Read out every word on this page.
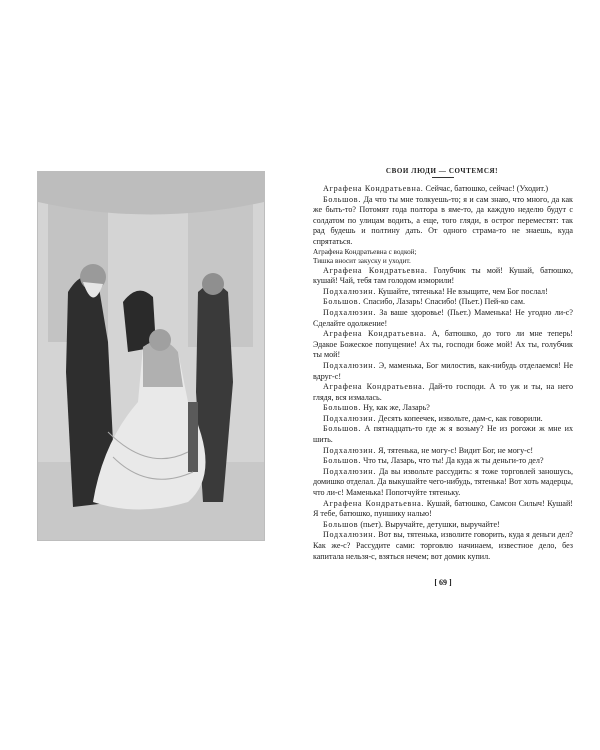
СВОИ ЛЮДИ — СОЧТЕМСЯ!

Аграфена Кондратьевна. Сейчас, батюшко, сейчас! (Уходит.)

Большов. Да что ты мне толкуешь-то; я и сам знаю, что много, да как же быть-то? Потомят года полтора в яме-то, да каждую неделю будут с солдатом по улицам водить, а еще, того гляди, в острог переместят: так рад будешь и полтину дать. От одного страма-то не знаешь, куда спрятаться.

Аграфена Кондратьевна с водкой;
Тишка вносит закуску и уходит.

Аграфена Кондратьевна. Голубчик ты мой! Кушай, батюшко, кушай! Чай, тебя там голодом изморили!

Подхалюзин. Кушайте, тятенька! Не взыщите, чем Бог послал!

Большов. Спасибо, Лазарь! Спасибо! (Пьет.) Пей-ко сам.

Подхалюзин. За ваше здоровье! (Пьет.) Маменька! Не угодно ли-с? Сделайте одолжение!

Аграфена Кондратьевна. А, батюшко, до того ли мне теперь! Эдакое Божеское попущение! Ах ты, господи боже мой! Ах ты, голубчик ты мой!

Подхалюзин. Э, маменька, Бог милостив, как-нибудь отделаемся! Не вдруг-с!

Аграфена Кондратьевна. Дай-то господи. А то уж и ты, на него глядя, вся измалась.

Большов. Ну, как же, Лазарь?

Подхалюзин. Десять копеечек, извольте, дам-с, как говорили.

Большов. А пятнадцать-то где ж я возьму? Не из рогожи ж мне их шить.

Подхалюзин. Я, тятенька, не могу-с! Видит Бог, не могу-с!

Большов. Что ты, Лазарь, что ты! Да куда ж ты деньги-то дел?

Подхалюзин. Да вы извольте рассудить: я тоже торговлей заношусь, домишко отделал. Да выкушайте чего-нибудь, тятенька! Вот хоть мадерцы, что ли-с! Маменька! Попотчуйте тятеньку.

Аграфена Кондратьевна. Кушай, батюшко, Самсон Силыч! Кушай! Я тебе, батюшко, пуншику налью!

Большов (пьет). Выручайте, детушки, выручайте!

Подхалюзин. Вот вы, тятенька, изволите говорить, куда я деньги дел? Как же-с? Рассудите сами: торговлю начинаем, известное дело, без капитала нельзя-с, взяться нечем; вот домик купил.

[ 69 ]
